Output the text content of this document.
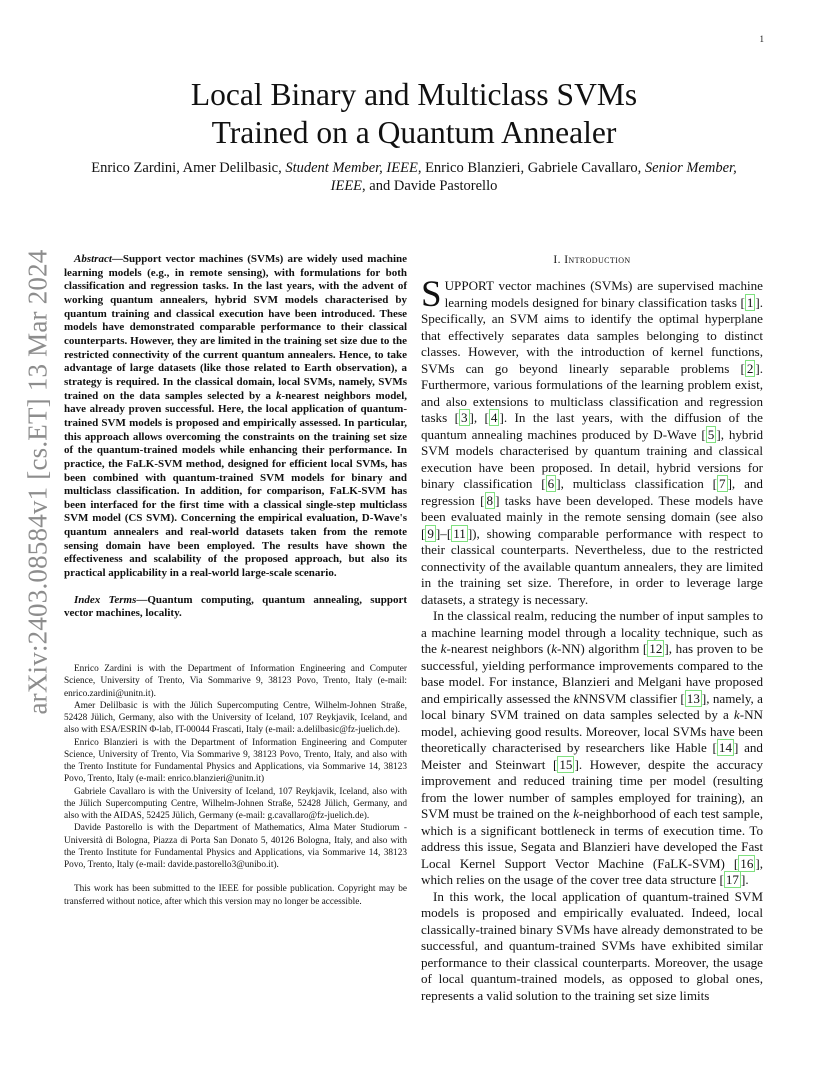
1
arXiv:2403.08584v1 [cs.ET] 13 Mar 2024
Local Binary and Multiclass SVMs
Trained on a Quantum Annealer
Enrico Zardini, Amer Delilbasic, Student Member, IEEE, Enrico Blanzieri, Gabriele Cavallaro, Senior Member,
IEEE, and Davide Pastorello

Abstract—Support vector machines (SVMs) are widely used machine learning models (e.g., in remote sensing), with formulations for both classification and regression tasks. In the last years, with the advent of working quantum annealers, hybrid SVM models characterised by quantum training and classical execution have been introduced. These models have demonstrated comparable performance to their classical counterparts. However, they are limited in the training set size due to the restricted connectivity of the current quantum annealers. Hence, to take advantage of large datasets (like those related to Earth observation), a strategy is required. In the classical domain, local SVMs, namely, SVMs trained on the data samples selected by a k-nearest neighbors model, have already proven successful. Here, the local application of quantum-trained SVM models is proposed and empirically assessed. In particular, this approach allows overcoming the constraints on the training set size of the quantum-trained models while enhancing their performance. In practice, the FaLK-SVM method, designed for efficient local SVMs, has been combined with quantum-trained SVM models for binary and multiclass classification. In addition, for comparison, FaLK-SVM has been interfaced for the first time with a classical single-step multiclass SVM model (CS SVM). Concerning the empirical evaluation, D-Wave's quantum annealers and real-world datasets taken from the remote sensing domain have been employed. The results have shown the effectiveness and scalability of the proposed approach, but also its practical applicability in a real-world large-scale scenario.

Index Terms—Quantum computing, quantum annealing, support vector machines, locality.

Enrico Zardini is with the Department of Information Engineering and Computer Science, University of Trento, Via Sommarive 9, 38123 Povo, Trento, Italy (e-mail: enrico.zardini@unitn.it).

Amer Delilbasic is with the Jülich Supercomputing Centre, Wilhelm-Johnen Straße, 52428 Jülich, Germany, also with the University of Iceland, 107 Reykjavik, Iceland, and also with ESA/ESRIN Φ-lab, IT-00044 Frascati, Italy (e-mail: a.delilbasic@fz-juelich.de).

Enrico Blanzieri is with the Department of Information Engineering and Computer Science, University of Trento, Via Sommarive 9, 38123 Povo, Trento, Italy, and also with the Trento Institute for Fundamental Physics and Applications, via Sommarive 14, 38123 Povo, Trento, Italy (e-mail: enrico.blanzieri@unitn.it)

Gabriele Cavallaro is with the University of Iceland, 107 Reykjavik, Iceland, also with the Jülich Supercomputing Centre, Wilhelm-Johnen Straße, 52428 Jülich, Germany, and also with the AIDAS, 52425 Jülich, Germany (e-mail: g.cavallaro@fz-juelich.de).

Davide Pastorello is with the Department of Mathematics, Alma Mater Studiorum - Università di Bologna, Piazza di Porta San Donato 5, 40126 Bologna, Italy, and also with the Trento Institute for Fundamental Physics and Applications, via Sommarive 14, 38123 Povo, Trento, Italy (e-mail: davide.pastorello3@unibo.it).

This work has been submitted to the IEEE for possible publication. Copyright may be transferred without notice, after which this version may no longer be accessible.

I. Introduction

SUPPORT vector machines (SVMs) are supervised machine learning models designed for binary classification tasks [ 1 ]. Specifically, an SVM aims to identify the optimal hyperplane that effectively separates data samples belonging to distinct classes. However, with the introduction of kernel functions, SVMs can go beyond linearly separable problems [ 2 ]. Furthermore, various formulations of the learning problem exist, and also extensions to multiclass classification and regression tasks [ 3 ], [ 4 ]. In the last years, with the diffusion of the quantum annealing machines produced by D-Wave [ 5 ], hybrid SVM models characterised by quantum training and classical execution have been proposed. In detail, hybrid versions for binary classification [ 6 ], multiclass classification [ 7 ], and regression [ 8 ] tasks have been developed. These models have been evaluated mainly in the remote sensing domain (see also [ 9 ]–[ 11 ]), showing comparable performance with respect to their classical counterparts. Nevertheless, due to the restricted connectivity of the available quantum annealers, they are limited in the training set size. Therefore, in order to leverage large datasets, a strategy is necessary.

In the classical realm, reducing the number of input samples to a machine learning model through a locality technique, such as the k-nearest neighbors (k-NN) algorithm [ 12 ], has proven to be successful, yielding performance improvements compared to the base model. For instance, Blanzieri and Melgani have proposed and empirically assessed the kNNSVM classifier [ 13 ], namely, a local binary SVM trained on data samples selected by a k-NN model, achieving good results. Moreover, local SVMs have been theoretically characterised by researchers like Hable [ 14 ] and Meister and Steinwart [ 15 ]. However, despite the accuracy improvement and reduced training time per model (resulting from the lower number of samples employed for training), an SVM must be trained on the k-neighborhood of each test sample, which is a significant bottleneck in terms of execution time. To address this issue, Segata and Blanzieri have developed the Fast Local Kernel Support Vector Machine (FaLK-SVM) [ 16 ], which relies on the usage of the cover tree data structure [ 17 ].

In this work, the local application of quantum-trained SVM models is proposed and empirically evaluated. Indeed, local classically-trained binary SVMs have already demonstrated to be successful, and quantum-trained SVMs have exhibited similar performance to their classical counterparts. Moreover, the usage of local quantum-trained models, as opposed to global ones, represents a valid solution to the training set size limits
